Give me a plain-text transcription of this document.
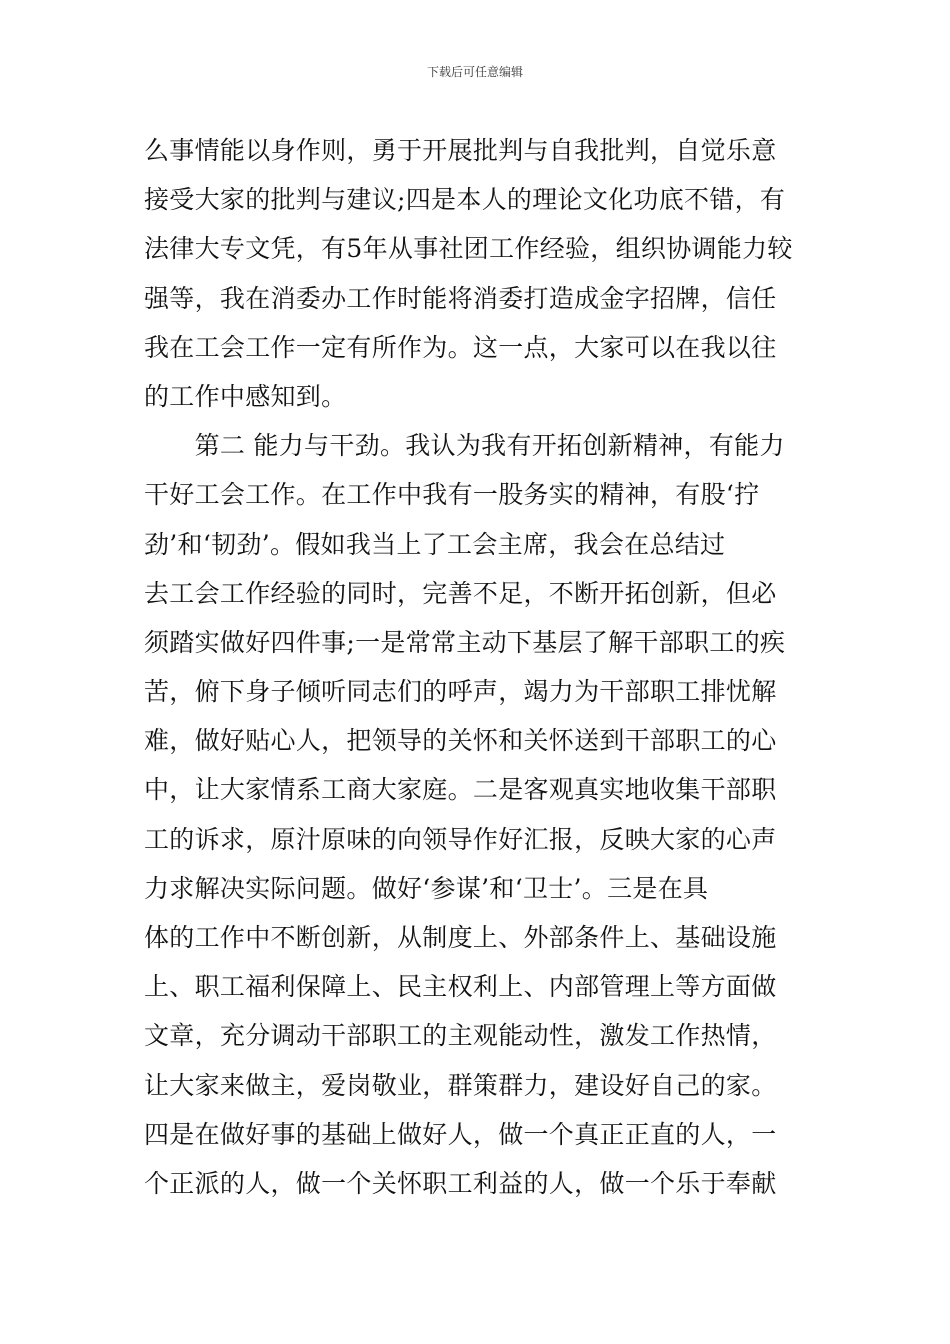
下载后可任意编辑
么事情能以身作则，勇于开展批判与自我批判，自觉乐意
接受大家的批判与建议;四是本人的理论文化功底不错，有
法律大专文凭，有5年从事社团工作经验，组织协调能力较
强等，我在消委办工作时能将消委打造成金字招牌，信任
我在工会工作一定有所作为。这一点，大家可以在我以往
的工作中感知到。
　　第二 能力与干劲。我认为我有开拓创新精神，有能力
干好工会工作。在工作中我有一股务实的精神，有股‘拧
劲’和‘韧劲’。假如我当上了工会主席，我会在总结过
去工会工作经验的同时，完善不足，不断开拓创新，但必
须踏实做好四件事;一是常常主动下基层了解干部职工的疾
苦，俯下身子倾听同志们的呼声，竭力为干部职工排忧解
难，做好贴心人，把领导的关怀和关怀送到干部职工的心
中，让大家情系工商大家庭。二是客观真实地收集干部职
工的诉求，原汁原味的向领导作好汇报，反映大家的心声
力求解决实际问题。做好‘参谋’和‘卫士’。三是在具
体的工作中不断创新，从制度上、外部条件上、基础设施
上、职工福利保障上、民主权利上、内部管理上等方面做
文章，充分调动干部职工的主观能动性，激发工作热情，
让大家来做主，爱岗敬业，群策群力，建设好自己的家。
四是在做好事的基础上做好人，做一个真正正直的人，一
个正派的人，做一个关怀职工利益的人，做一个乐于奉献
